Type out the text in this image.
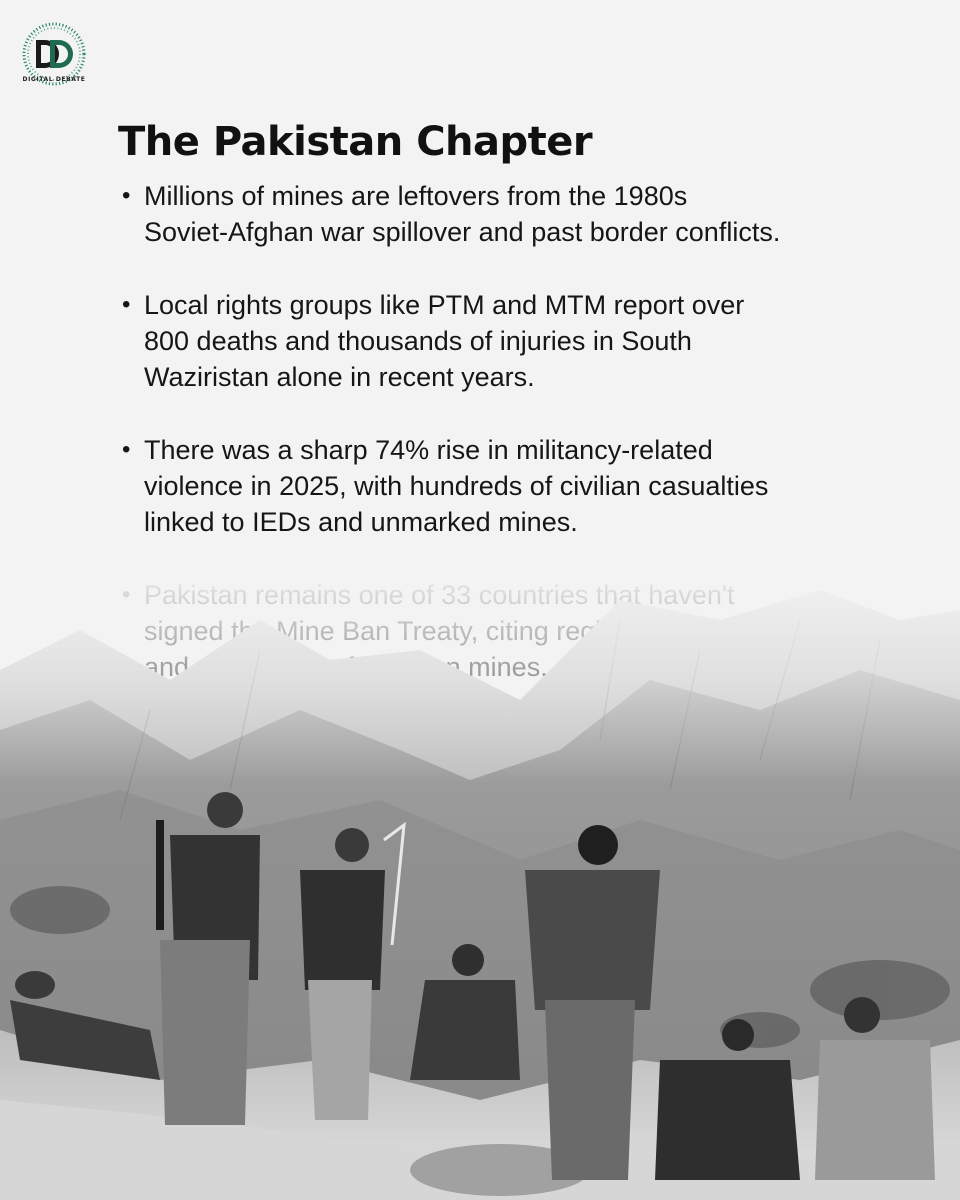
DIGITAL DEBATE
The Pakistan Chapter
• Millions of mines are leftovers from the 1980s
Soviet-Afghan war spillover and past border conflicts.
• Local rights groups like PTM and MTM report over
800 deaths and thousands of injuries in South
Waziristan alone in recent years.
• There was a sharp 74% rise in militancy-related
violence in 2025, with hundreds of civilian casualties
linked to IEDs and unmarked mines.
